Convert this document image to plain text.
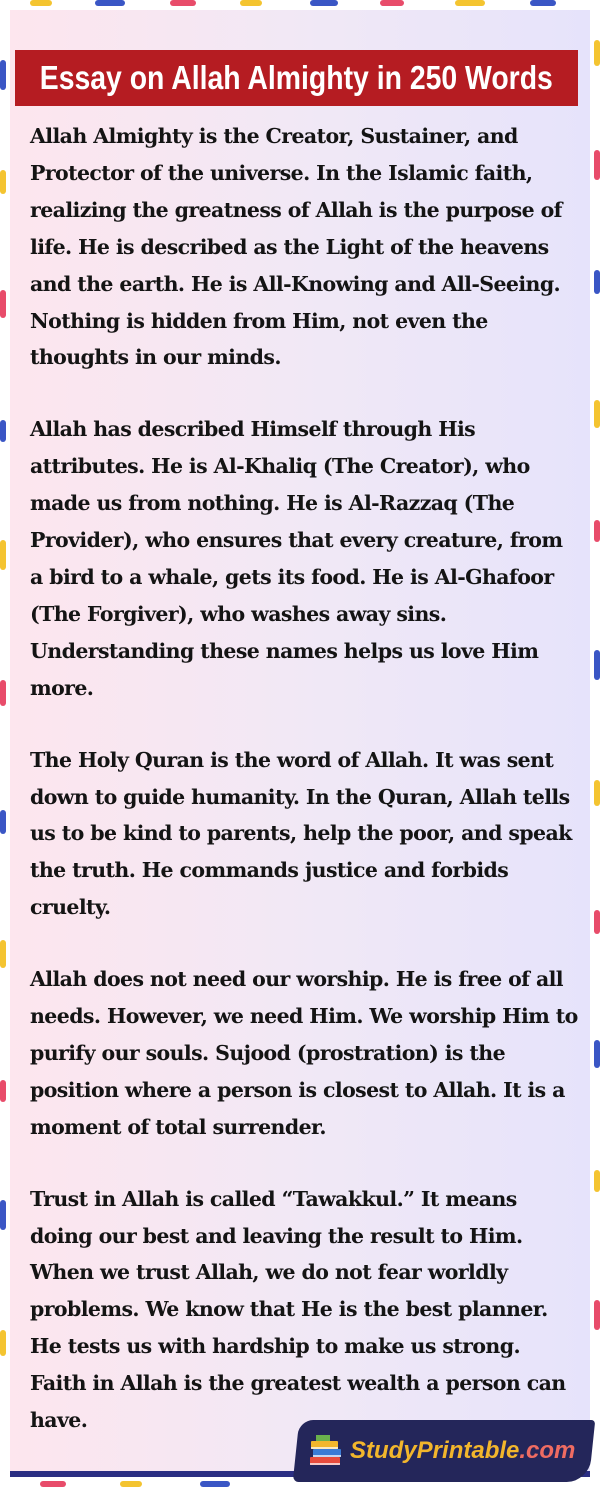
Essay on Allah Almighty in 250 Words

Allah Almighty is the Creator, Sustainer, and Protector of the universe. In the Islamic faith, realizing the greatness of Allah is the purpose of life. He is described as the Light of the heavens and the earth. He is All-Knowing and All-Seeing. Nothing is hidden from Him, not even the thoughts in our minds.

Allah has described Himself through His attributes. He is Al-Khaliq (The Creator), who made us from nothing. He is Al-Razzaq (The Provider), who ensures that every creature, from a bird to a whale, gets its food. He is Al-Ghafoor (The Forgiver), who washes away sins. Understanding these names helps us love Him more.

The Holy Quran is the word of Allah. It was sent down to guide humanity. In the Quran, Allah tells us to be kind to parents, help the poor, and speak the truth. He commands justice and forbids cruelty.

Allah does not need our worship. He is free of all needs. However, we need Him. We worship Him to purify our souls. Sujood (prostration) is the position where a person is closest to Allah. It is a moment of total surrender.

Trust in Allah is called “Tawakkul.” It means doing our best and leaving the result to Him. When we trust Allah, we do not fear worldly problems. We know that He is the best planner. He tests us with hardship to make us strong. Faith in Allah is the greatest wealth a person can have.

StudyPrintable.com
